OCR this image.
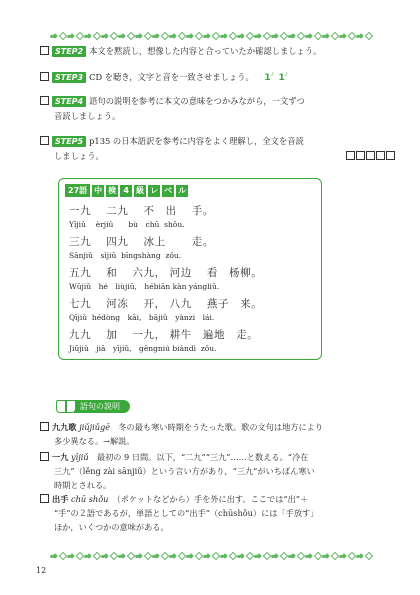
STEP2 本文を黙読し，想像した内容と合っていたか確認しましょう。
STEP3 CD を聴き，文字と音を一致させましょう。 1♪ 1♪
STEP4 語句の説明を参考に本文の意味をつかみながら，一文ずつ
音読しましょう。
STEP5 p135 の日本語訳を参考に内容をよく理解し，全文を音読
しましょう。
27語 中 検 4 級 レ ベ ル
一九　 二九　 不　出　 手。
Yījiǔ　 èrjiǔ　　bù　chū  shǒu.
三九　 四九　 冰上　　 走。
Sānjiǔ　sìjiǔ  bīngshàng  zǒu.
五九　 和　 六九， 河边　 看　杨柳。
Wǔjiǔ　hé　liùjiǔ,　hébiān kàn yángliǔ.
七九　 河冻　 开， 八九　 燕子　来。
Qījiǔ  hédòng　kāi,　bājiǔ　yànzi　lái.
九九　 加　 一九， 耕牛　遍地　走。
Jiǔjiǔ　jiā　yījiǔ,　gēngniú biàndì  zǒu.
語句の説明
九九歌 jiǔjiǔgē　 冬の最も寒い時期をうたった歌。歌の文句は地方により
多少異なる。→解説。
一九 yījiǔ　 最初の 9 日間。以下，“二九”“三九”……と数える。“冷在
三九”（lěng zài sānjiǔ）という言い方があり，“三九”がいちばん寒い
時期とされる。
出手 chū shǒu　 （ポケットなどから）手を外に出す。ここでは“出”＋
“手”の２語であるが，単語としての“出手”（chūshǒu）には「手放す」
ほか，いくつかの意味がある。
12
